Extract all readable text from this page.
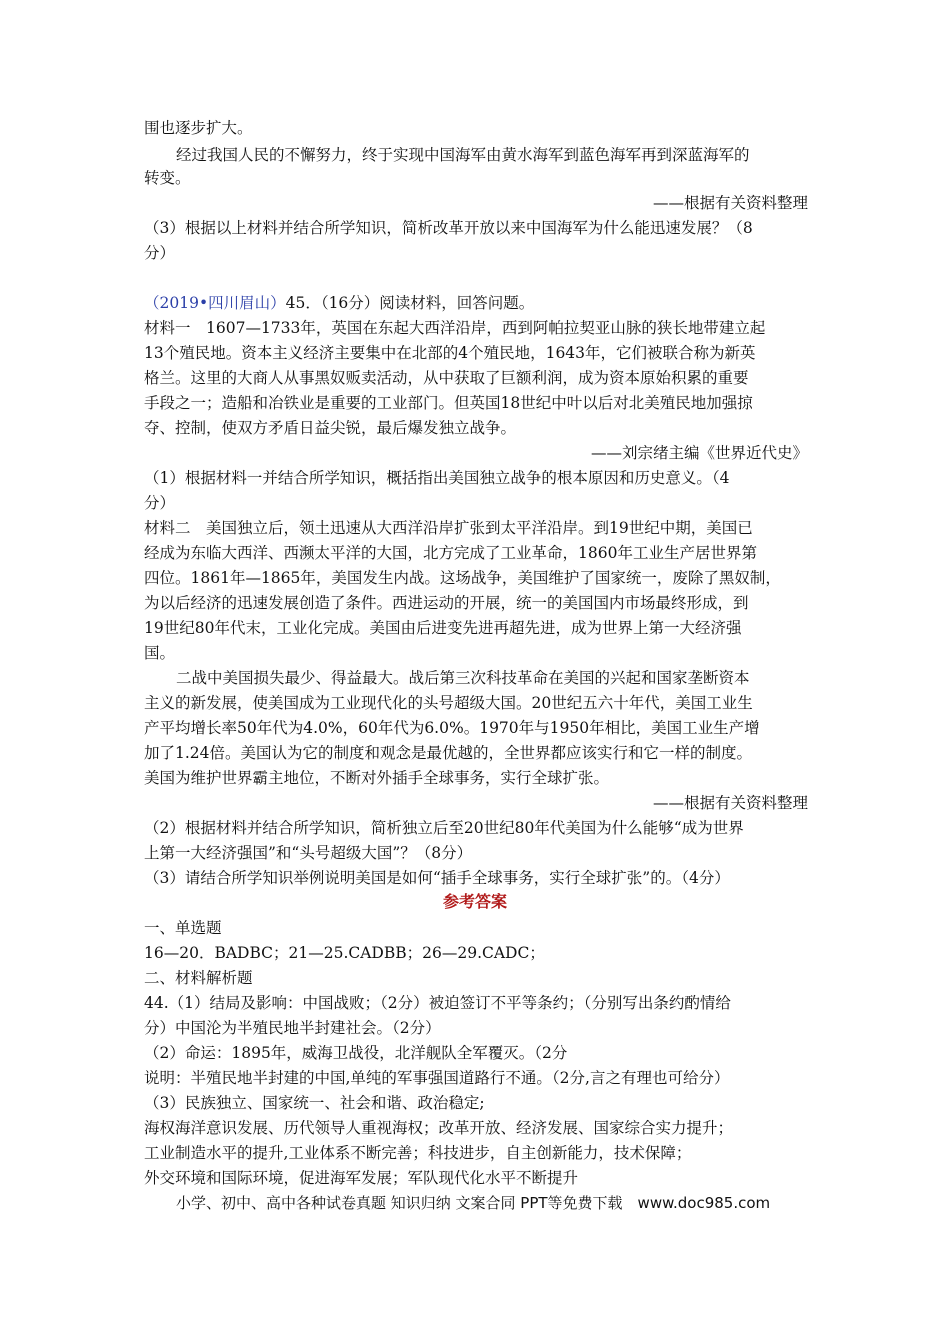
围也逐步扩大。
经过我国人民的不懈努力，终于实现中国海军由黄水海军到蓝色海军再到深蓝海军的
转变。
——根据有关资料整理
（3）根据以上材料并结合所学知识，简析改革开放以来中国海军为什么能迅速发展？（8
分）
（2019•四川眉山）45．（16分）阅读材料，回答问题。
材料一　1607—1733年，英国在东起大西洋沿岸，西到阿帕拉契亚山脉的狭长地带建立起
13个殖民地。资本主义经济主要集中在北部的4个殖民地，1643年，它们被联合称为新英
格兰。这里的大商人从事黑奴贩卖活动，从中获取了巨额利润，成为资本原始积累的重要
手段之一；造船和冶铁业是重要的工业部门。但英国18世纪中叶以后对北美殖民地加强掠
夺、控制，使双方矛盾日益尖锐，最后爆发独立战争。
——刘宗绪主编《世界近代史》
（1）根据材料一并结合所学知识，概括指出美国独立战争的根本原因和历史意义。（4
分）
材料二　美国独立后，领土迅速从大西洋沿岸扩张到太平洋沿岸。到19世纪中期，美国已
经成为东临大西洋、西濒太平洋的大国，北方完成了工业革命，1860年工业生产居世界第
四位。1861年—1865年，美国发生内战。这场战争，美国维护了国家统一，废除了黑奴制，
为以后经济的迅速发展创造了条件。西进运动的开展，统一的美国国内市场最终形成，到
19世纪80年代末，工业化完成。美国由后进变先进再超先进，成为世界上第一大经济强
国。
二战中美国损失最少、得益最大。战后第三次科技革命在美国的兴起和国家垄断资本
主义的新发展，使美国成为工业现代化的头号超级大国。20世纪五六十年代，美国工业生
产平均增长率50年代为4.0%，60年代为6.0%。1970年与1950年相比，美国工业生产增
加了1.24倍。美国认为它的制度和观念是最优越的，全世界都应该实行和它一样的制度。
美国为维护世界霸主地位，不断对外插手全球事务，实行全球扩张。
——根据有关资料整理
（2）根据材料并结合所学知识，简析独立后至20世纪80年代美国为什么能够“成为世界
上第一大经济强国”和“头号超级大国”？（8分）
（3）请结合所学知识举例说明美国是如何“插手全球事务，实行全球扩张”的。（4分）
参考答案
一、单选题
16—20．BADBC；21—25.CADBB；26—29.CADC；
二、材料解析题
44.（1）结局及影响：中国战败；（2分）被迫签订不平等条约；（分别写出条约酌情给
分）中国沦为半殖民地半封建社会。（2分）
（2）命运：1895年，威海卫战役，北洋舰队全军覆灭。（2分
说明：半殖民地半封建的中国,单纯的军事强国道路行不通。（2分,言之有理也可给分）
（3）民族独立、国家统一、社会和谐、政治稳定;
海权海洋意识发展、历代领导人重视海权；改革开放、经济发展、国家综合实力提升；
工业制造水平的提升,工业体系不断完善；科技进步，自主创新能力，技术保障；
外交环境和国际环境，促进海军发展；军队现代化水平不断提升
小学、初中、高中各种试卷真题 知识归纳 文案合同 PPT等免费下载　www.doc985.com
